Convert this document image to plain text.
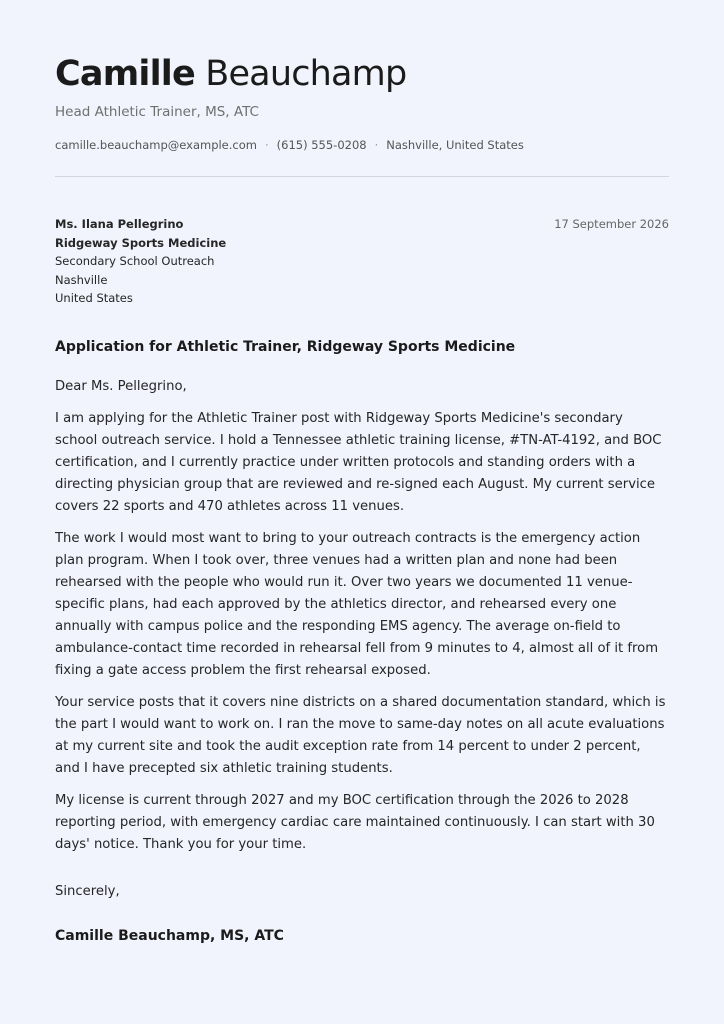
Camille Beauchamp
Head Athletic Trainer, MS, ATC
camille.beauchamp@example.com · (615) 555-0208 · Nashville, United States
Ms. Ilana Pellegrino
Ridgeway Sports Medicine
Secondary School Outreach
Nashville
United States
17 September 2026
Application for Athletic Trainer, Ridgeway Sports Medicine

Dear Ms. Pellegrino,

I am applying for the Athletic Trainer post with Ridgeway Sports Medicine's secondary school outreach service. I hold a Tennessee athletic training license, #TN-AT-4192, and BOC certification, and I currently practice under written protocols and standing orders with a directing physician group that are reviewed and re-signed each August. My current service covers 22 sports and 470 athletes across 11 venues.

The work I would most want to bring to your outreach contracts is the emergency action plan program. When I took over, three venues had a written plan and none had been rehearsed with the people who would run it. Over two years we documented 11 venue-specific plans, had each approved by the athletics director, and rehearsed every one annually with campus police and the responding EMS agency. The average on-field to ambulance-contact time recorded in rehearsal fell from 9 minutes to 4, almost all of it from fixing a gate access problem the first rehearsal exposed.

Your service posts that it covers nine districts on a shared documentation standard, which is the part I would want to work on. I ran the move to same-day notes on all acute evaluations at my current site and took the audit exception rate from 14 percent to under 2 percent, and I have precepted six athletic training students.

My license is current through 2027 and my BOC certification through the 2026 to 2028 reporting period, with emergency cardiac care maintained continuously. I can start with 30 days' notice. Thank you for your time.

Sincerely,
Camille Beauchamp, MS, ATC
